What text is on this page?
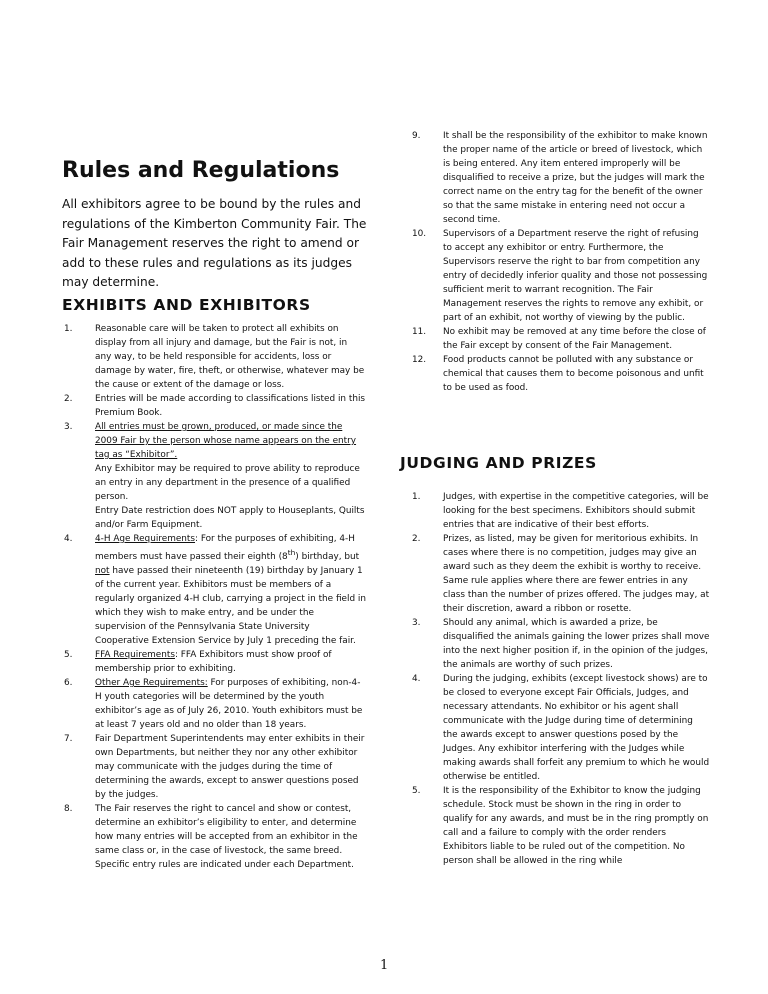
Rules and Regulations

All exhibitors agree to be bound by the rules and regulations of the Kimberton Community Fair. The Fair Management reserves the right to amend or add to these rules and regulations as its judges may determine.

EXHIBITS AND EXHIBITORS
1.	Reasonable care will be taken to protect all exhibits on display from all injury and damage, but the Fair is not, in any way, to be held responsible for accidents, loss or damage by water, fire, theft, or otherwise, whatever may be the cause or extent of the damage or loss.
2.	Entries will be made according to classifications listed in this Premium Book.
3.	All entries must be grown, produced, or made since the 2009 Fair by the person whose name appears on the entry tag as “Exhibitor”.
Any Exhibitor may be required to prove ability to reproduce an entry in any department in the presence of a qualified person.
Entry Date restriction does NOT apply to Houseplants, Quilts and/or Farm Equipment.
4.	4-H Age Requirements: For the purposes of exhibiting, 4-H members must have passed their eighth (8th) birthday, but not have passed their nineteenth (19) birthday by January 1 of the current year. Exhibitors must be members of a regularly organized 4-H club, carrying a project in the field in which they wish to make entry, and be under the supervision of the Pennsylvania State University Cooperative Extension Service by July 1 preceding the fair.
5.	FFA Requirements: FFA Exhibitors must show proof of membership prior to exhibiting.
6.	Other Age Requirements: For purposes of exhibiting, non-4-H youth categories will be determined by the youth exhibitor’s age as of July 26, 2010. Youth exhibitors must be at least 7 years old and no older than 18 years.
7.	Fair Department Superintendents may enter exhibits in their own Departments, but neither they nor any other exhibitor may communicate with the judges during the time of determining the awards, except to answer questions posed by the judges.
8.	The Fair reserves the right to cancel and show or contest, determine an exhibitor’s eligibility to enter, and determine how many entries will be accepted from an exhibitor in the same class or, in the case of livestock, the same breed. Specific entry rules are indicated under each Department.
9.	It shall be the responsibility of the exhibitor to make known the proper name of the article or breed of livestock, which is being entered. Any item entered improperly will be disqualified to receive a prize, but the judges will mark the correct name on the entry tag for the benefit of the owner so that the same mistake in entering need not occur a second time.
10. Supervisors of a Department reserve the right of refusing to accept any exhibitor or entry. Furthermore, the Supervisors reserve the right to bar from competition any entry of decidedly inferior quality and those not possessing sufficient merit to warrant recognition. The Fair Management reserves the rights to remove any exhibit, or part of an exhibit, not worthy of viewing by the public.
11. No exhibit may be removed at any time before the close of the Fair except by consent of the Fair Management.
12. Food products cannot be polluted with any substance or chemical that causes them to become poisonous and unfit to be used as food.
JUDGING AND PRIZES
1.	Judges, with expertise in the competitive categories, will be looking for the best specimens. Exhibitors should submit entries that are indicative of their best efforts.
2.	Prizes, as listed, may be given for meritorious exhibits. In cases where there is no competition, judges may give an award such as they deem the exhibit is worthy to receive. Same rule applies where there are fewer entries in any class than the number of prizes offered. The judges may, at their discretion, award a ribbon or rosette.
3.	Should any animal, which is awarded a prize, be disqualified the animals gaining the lower prizes shall move into the next higher position if, in the opinion of the judges, the animals are worthy of such prizes.
4.	During the judging, exhibits (except livestock shows) are to be closed to everyone except Fair Officials, Judges, and necessary attendants. No exhibitor or his agent shall communicate with the Judge during time of determining the awards except to answer questions posed by the Judges. Any exhibitor interfering with the Judges while making awards shall forfeit any premium to which he would otherwise be entitled.
5.	It is the responsibility of the Exhibitor to know the judging schedule. Stock must be shown in the ring in order to qualify for any awards, and must be in the ring promptly on call and a failure to comply with the order renders Exhibitors liable to be ruled out of the competition. No person shall be allowed in the ring while
1
